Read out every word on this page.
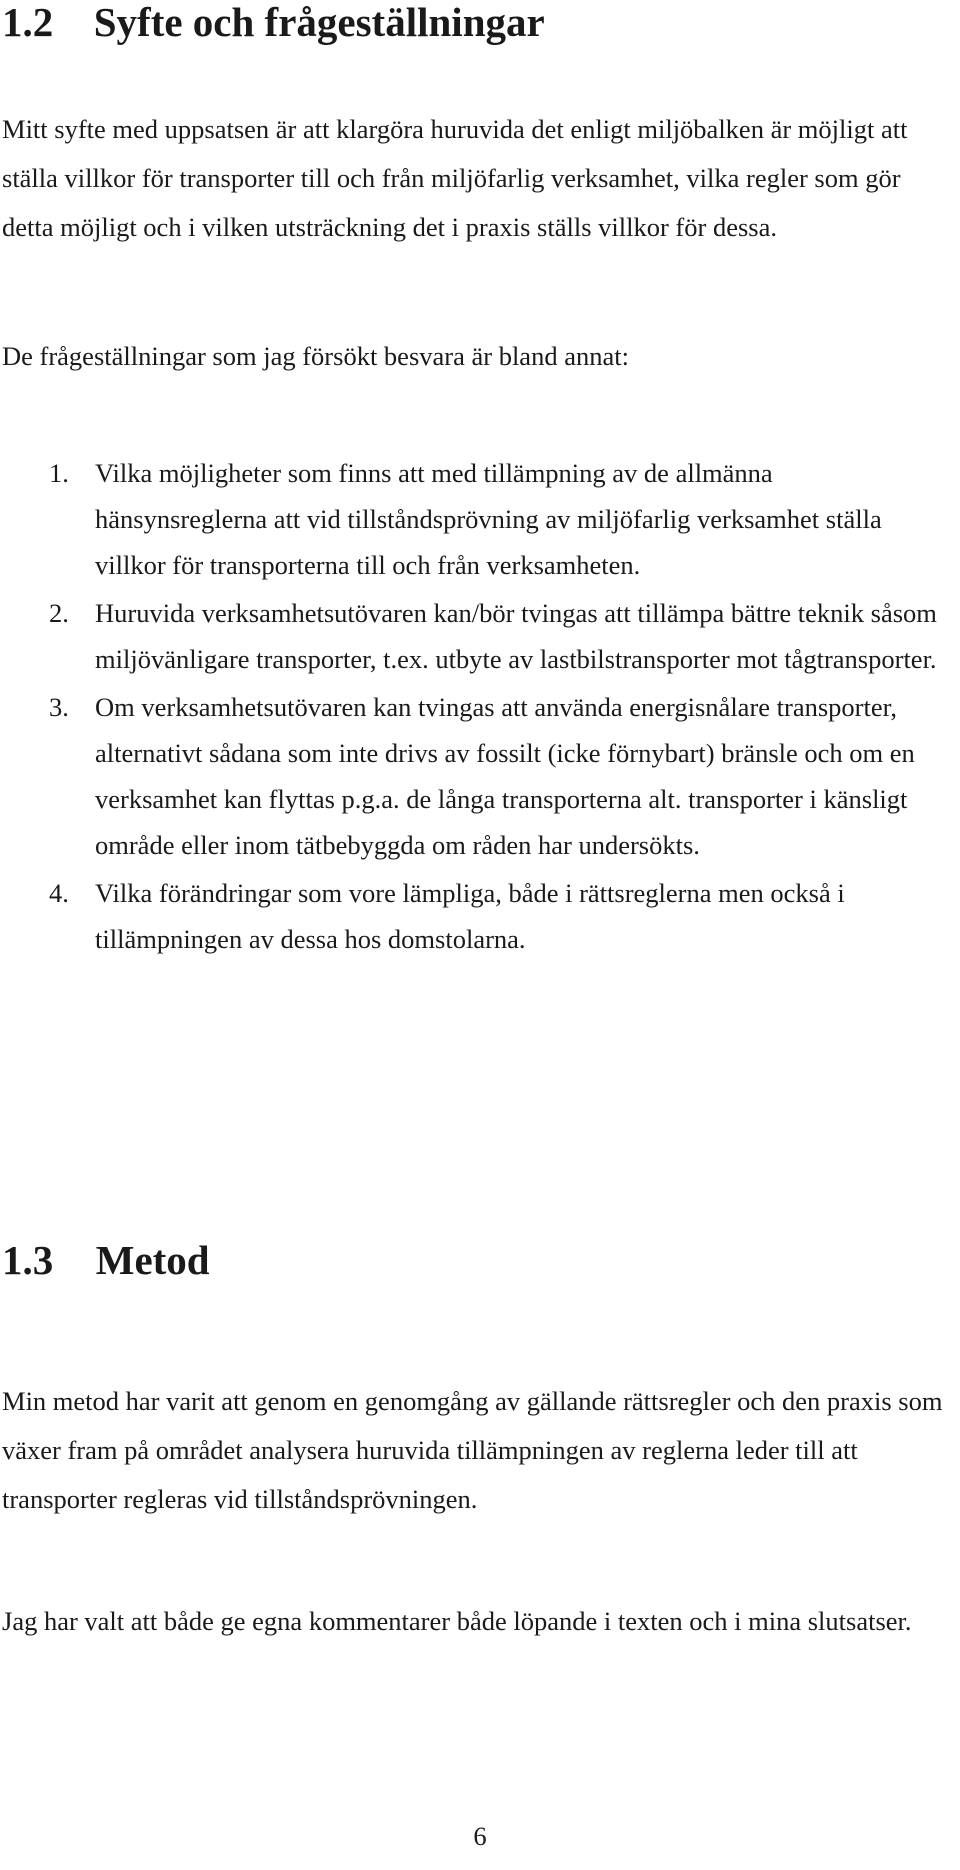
1.2 Syfte och frågeställningar

Mitt syfte med uppsatsen är att klargöra huruvida det enligt miljöbalken är möjligt att ställa villkor för transporter till och från miljöfarlig verksamhet, vilka regler som gör detta möjligt och i vilken utsträckning det i praxis ställs villkor för dessa.

De frågeställningar som jag försökt besvara är bland annat:

1. Vilka möjligheter som finns att med tillämpning av de allmänna hänsynsreglerna att vid tillståndsprövning av miljöfarlig verksamhet ställa villkor för transporterna till och från verksamheten.
2. Huruvida verksamhetsutövaren kan/bör tvingas att tillämpa bättre teknik såsom miljövänligare transporter, t.ex. utbyte av lastbilstransporter mot tågtransporter.
3. Om verksamhetsutövaren kan tvingas att använda energisnålare transporter, alternativt sådana som inte drivs av fossilt (icke förnybart) bränsle och om en verksamhet kan flyttas p.g.a. de långa transporterna alt. transporter i känsligt område eller inom tätbebyggda om råden har undersökts.
4. Vilka förändringar som vore lämpliga, både i rättsreglerna men också i tillämpningen av dessa hos domstolarna.
1.3 Metod

Min metod har varit att genom en genomgång av gällande rättsregler och den praxis som växer fram på området analysera huruvida tillämpningen av reglerna leder till att transporter regleras vid tillståndsprövningen.

Jag har valt att både ge egna kommentarer både löpande i texten och i mina slutsatser.

6
